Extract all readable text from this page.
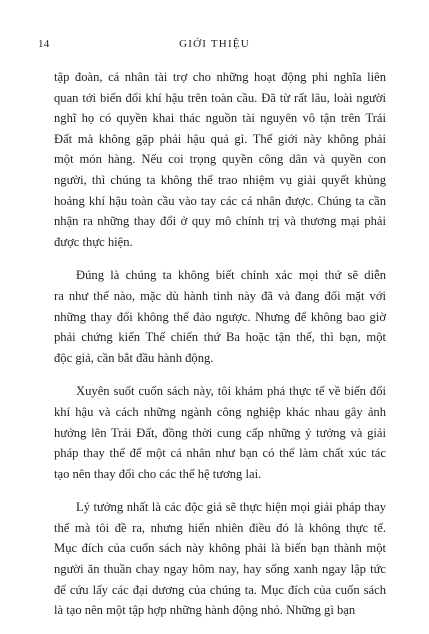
14	GIỚI THIỆU

tập đoàn, cá nhân tài trợ cho những hoạt động phi nghĩa liên
quan tới biến đổi khí hậu trên toàn cầu. Đã từ rất lâu, loài người
nghĩ họ có quyền khai thác nguồn tài nguyên vô tận trên Trái
Đất mà không gặp phải hậu quả gì. Thế giới này không phải
một món hàng. Nếu coi trọng quyền công dân và quyền con
người, thì chúng ta không thể trao nhiệm vụ giải quyết khủng
hoảng khí hậu toàn cầu vào tay các cá nhân được. Chúng ta cần
nhận ra những thay đổi ở quy mô chính trị và thương mại phải
được thực hiện.

Đúng là chúng ta không biết chính xác mọi thứ sẽ diễn
ra như thế nào, mặc dù hành tinh này đã và đang đối mặt với
những thay đổi không thể đảo ngược. Nhưng để không bao giờ
phải chứng kiến Thế chiến thứ Ba hoặc tận thế, thì bạn, một
độc giả, cần bắt đầu hành động.

Xuyên suốt cuốn sách này, tôi khám phá thực tế về biến đổi
khí hậu và cách những ngành công nghiệp khác nhau gây ảnh
hưởng lên Trái Đất, đồng thời cung cấp những ý tưởng và giải
pháp thay thế để một cá nhân như bạn có thể làm chất xúc tác
tạo nên thay đổi cho các thế hệ tương lai.

Lý tưởng nhất là các độc giả sẽ thực hiện mọi giải pháp thay
thế mà tôi đề ra, nhưng hiển nhiên điều đó là không thực tế.
Mục đích của cuốn sách này không phải là biến bạn thành một
người ăn thuần chay ngay hôm nay, hay sống xanh ngay lập tức
để cứu lấy các đại dương của chúng ta. Mục đích của cuốn sách
là tạo nên một tập hợp những hành động nhỏ. Những gì bạn
